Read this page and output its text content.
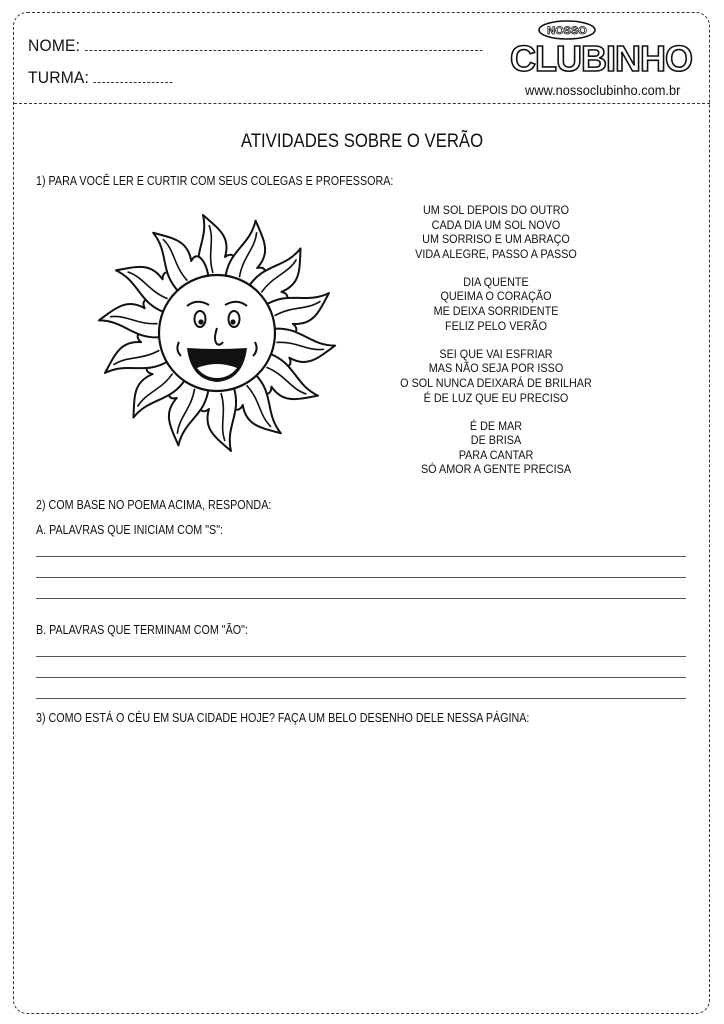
NOME:
TURMA:
NOSSO
CLUBINHO
www.nossoclubinho.com.br
ATIVIDADES SOBRE O VERÃO
1) PARA VOCÊ LER E CURTIR COM SEUS COLEGAS E PROFESSORA:
UM SOL DEPOIS DO OUTRO
CADA DIA UM SOL NOVO
UM SORRISO E UM ABRAÇO
VIDA ALEGRE, PASSO A PASSO
DIA QUENTE
QUEIMA O CORAÇÃO
ME DEIXA SORRIDENTE
FELIZ PELO VERÃO
SEI QUE VAI ESFRIAR
MAS NÃO SEJA POR ISSO
O SOL NUNCA DEIXARÁ DE BRILHAR
É DE LUZ QUE EU PRECISO
É DE MAR
DE BRISA
PARA CANTAR
SÓ AMOR A GENTE PRECISA
2) COM BASE NO POEMA ACIMA, RESPONDA:
A. PALAVRAS QUE INICIAM COM "S":
B. PALAVRAS QUE TERMINAM COM "ÃO":
3) COMO ESTÁ O CÉU EM SUA CIDADE HOJE? FAÇA UM BELO DESENHO DELE NESSA PÁGINA:
